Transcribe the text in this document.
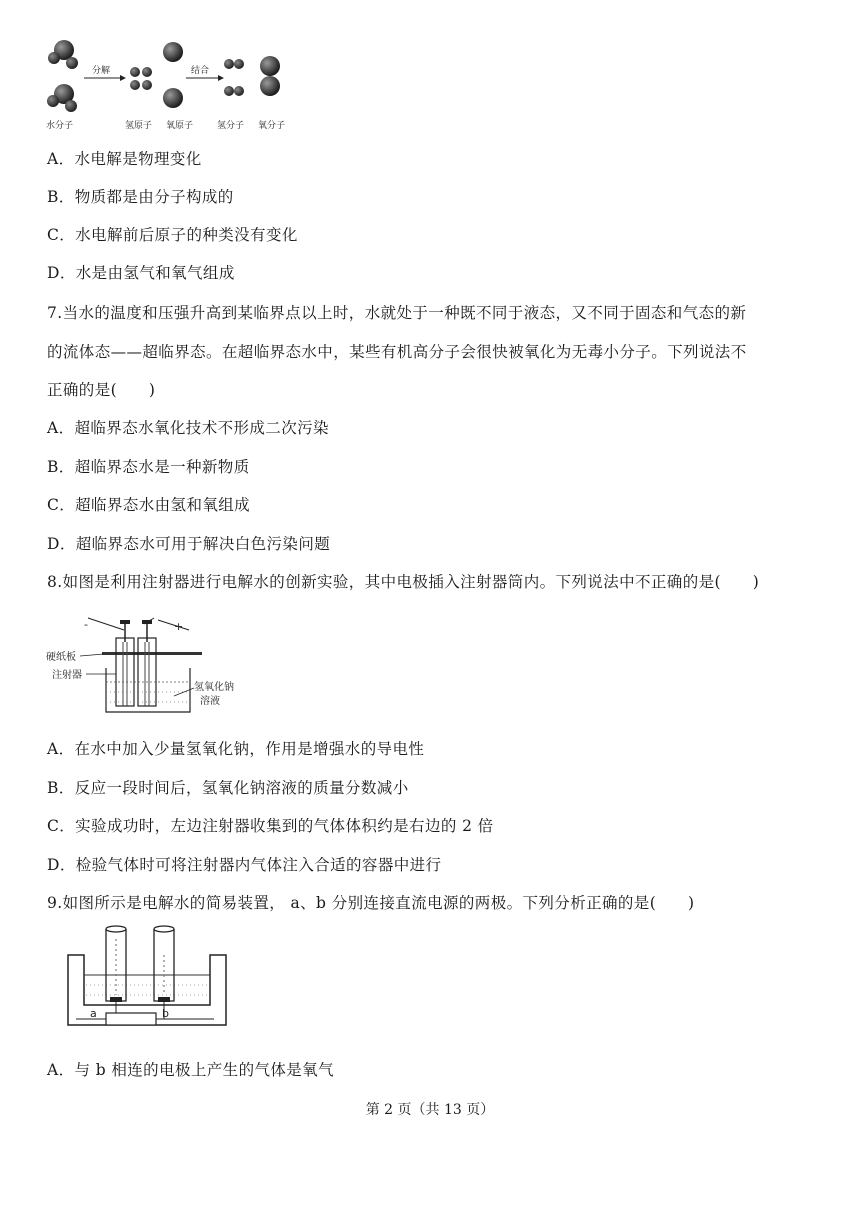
分解	结合
水分子	氢原子 氧原子	氢分子 氧分子
A．水电解是物理变化
B．物质都是由分子构成的
C．水电解前后原子的种类没有变化
D．水是由氢气和氧气组成
7.当水的温度和压强升高到某临界点以上时，水就处于一种既不同于液态，又不同于固态和气态的新
的流体态——超临界态。在超临界态水中，某些有机高分子会很快被氧化为无毒小分子。下列说法不
正确的是(　　)
A．超临界态水氧化技术不形成二次污染
B．超临界态水是一种新物质
C．超临界态水由氢和氧组成
D．超临界态水可用于解决白色污染问题
8.如图是利用注射器进行电解水的创新实验，其中电极插入注射器筒内。下列说法中不正确的是(　　)
-	+
硬纸板
注射器
氢氧化钠
溶液
A．在水中加入少量氢氧化钠，作用是增强水的导电性
B．反应一段时间后，氢氧化钠溶液的质量分数减小
C．实验成功时，左边注射器收集到的气体体积约是右边的 2 倍
D．检验气体时可将注射器内气体注入合适的容器中进行
9.如图所示是电解水的简易装置， a、b 分别连接直流电源的两极。下列分析正确的是(　　)
a	b
A．与 b 相连的电极上产生的气体是氧气
第 2 页（共 13 页）
